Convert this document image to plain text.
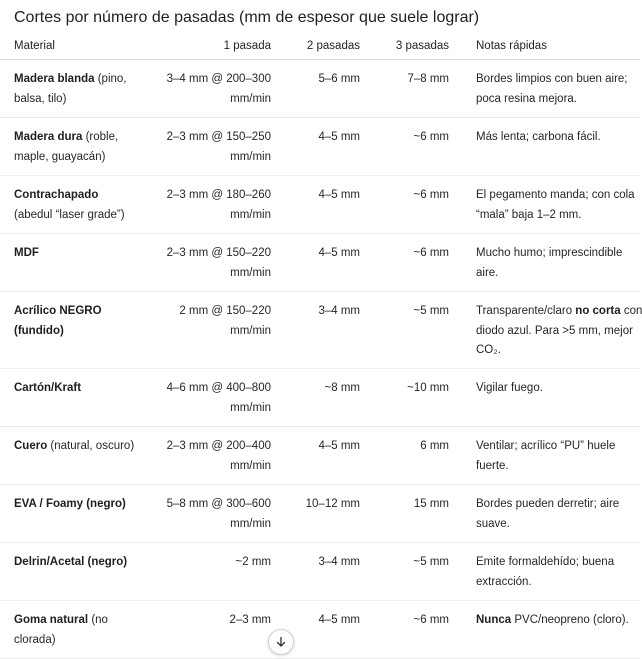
Cortes por número de pasadas (mm de espesor que suele lograr)
Material	1 pasada	2 pasadas	3 pasadas	Notas rápidas
Madera blanda (pino, balsa, tilo)	3–4 mm @ 200–300 mm/min	5–6 mm	7–8 mm	Bordes limpios con buen aire;
poca resina mejora.
Madera dura (roble, maple, guayacán)	2–3 mm @ 150–250 mm/min	4–5 mm	~6 mm	Más lenta; carbona fácil.
Contrachapado (abedul “laser grade”)	2–3 mm @ 180–260 mm/min	4–5 mm	~6 mm	El pegamento manda; con cola
“mala” baja 1–2 mm.
MDF	2–3 mm @ 150–220 mm/min	4–5 mm	~6 mm	Mucho humo; imprescindible
aire.
Acrílico NEGRO (fundido)	2 mm @ 150–220 mm/min	3–4 mm	~5 mm	Transparente/claro no corta con
diodo azul. Para >5 mm, mejor
CO₂.
Cartón/Kraft	4–6 mm @ 400–800 mm/min	~8 mm	~10 mm	Vigilar fuego.
Cuero (natural, oscuro)	2–3 mm @ 200–400 mm/min	4–5 mm	6 mm	Ventilar; acrílico “PU” huele
fuerte.
EVA / Foamy (negro)	5–8 mm @ 300–600 mm/min	10–12 mm	15 mm	Bordes pueden derretir; aire
suave.
Delrin/Acetal (negro)	~2 mm	3–4 mm	~5 mm	Emite formaldehído; buena
extracción.
Goma natural (no clorada)	2–3 mm	4–5 mm	~6 mm	Nunca PVC/neopreno (cloro).
